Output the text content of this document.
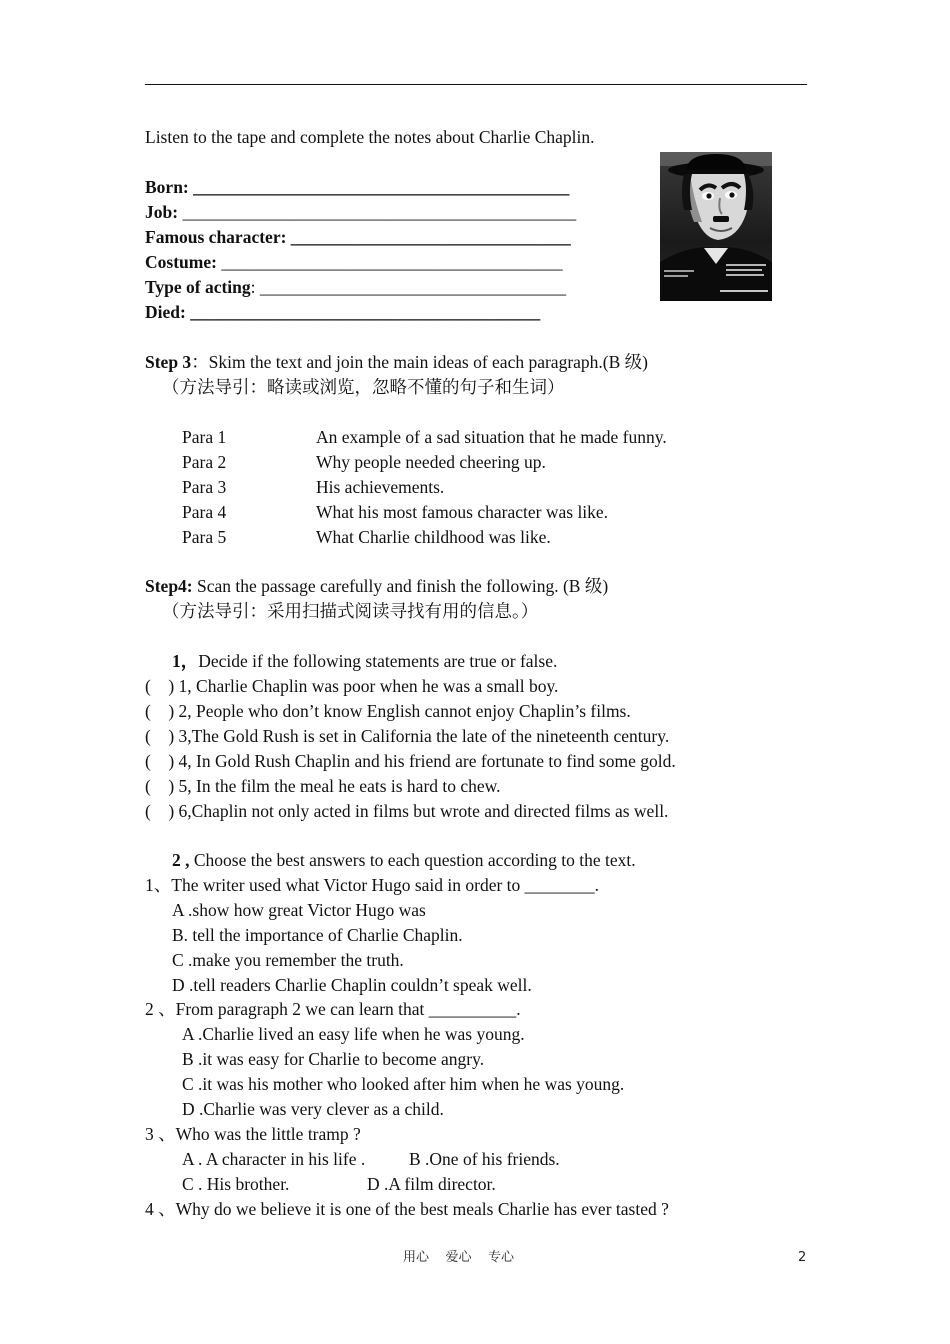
Listen to the tape and complete the notes about Charlie Chaplin.
Born: ___________________________________________
Job: _____________________________________________
Famous character: ________________________________
Costume: _______________________________________
Type of acting: ___________________________________
Died: ________________________________________
Step 3：Skim the text and join the main ideas of each paragraph.(B 级)
（方法导引：略读或浏览，忽略不懂的句子和生词）
Para 1	An example of a sad situation that he made funny.
Para 2	Why people needed cheering up.
Para 3	His achievements.
Para 4	What his most famous character was like.
Para 5	What Charlie childhood was like.
Step4: Scan the passage carefully and finish the following. (B 级)
（方法导引：采用扫描式阅读寻找有用的信息。）
1，Decide if the following statements are true or false.
(    ) 1, Charlie Chaplin was poor when he was a small boy.
(    ) 2, People who don’t know English cannot enjoy Chaplin’s films.
(    ) 3,The Gold Rush is set in California the late of the nineteenth century.
(    ) 4, In Gold Rush Chaplin and his friend are fortunate to find some gold.
(    ) 5, In the film the meal he eats is hard to chew.
(    ) 6,Chaplin not only acted in films but wrote and directed films as well.
2 , Choose the best answers to each question according to the text.
1、The writer used what Victor Hugo said in order to ________.
A .show how great Victor Hugo was
B. tell the importance of Charlie Chaplin.
C .make you remember the truth.
D .tell readers Charlie Chaplin couldn’t speak well.
2 、From paragraph 2 we can learn that __________.
A .Charlie lived an easy life when he was young.
B .it was easy for Charlie to become angry.
C .it was his mother who looked after him when he was young.
D .Charlie was very clever as a child.
3 、Who was the little tramp ?
A . A character in his life .	B .One of his friends.
C . His brother.	D .A film director.
4 、Why do we believe it is one of the best meals Charlie has ever tasted ?
用心    爱心    专心	2
